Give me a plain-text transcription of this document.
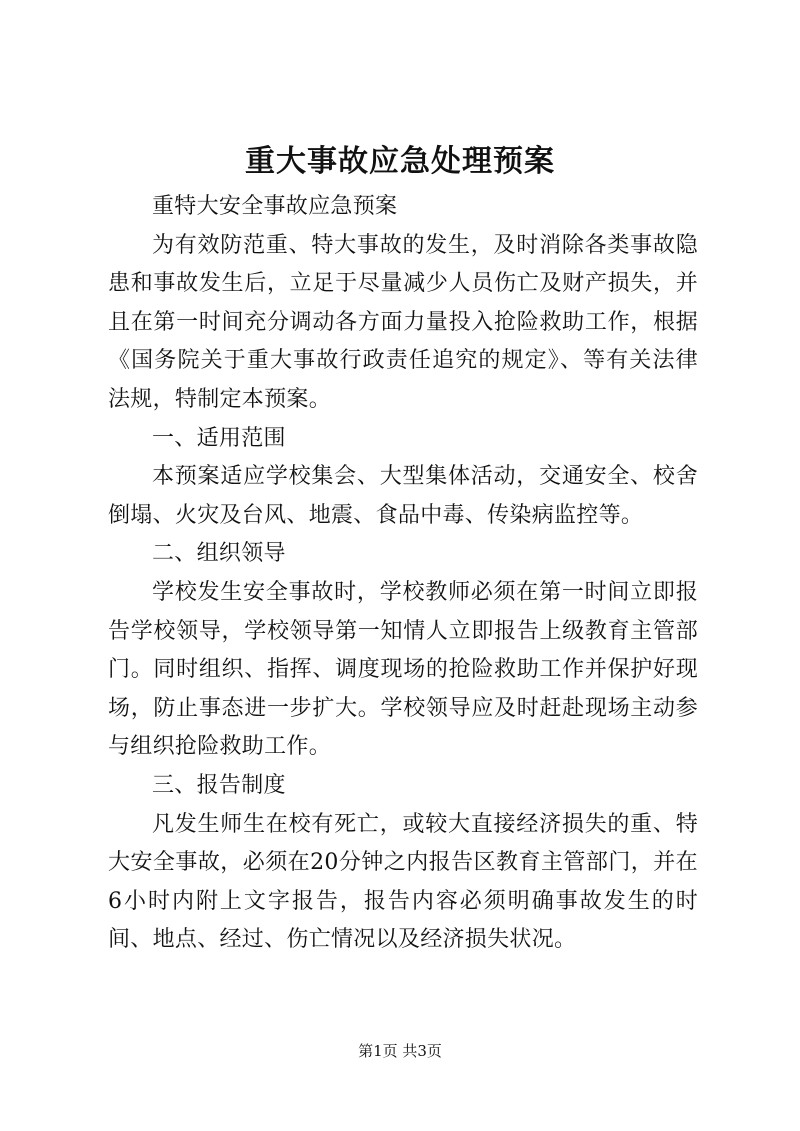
重大事故应急处理预案

重特大安全事故应急预案

为有效防范重、特大事故的发生，及时消除各类事故隐患和事故发生后，立足于尽量减少人员伤亡及财产损失，并且在第一时间充分调动各方面力量投入抢险救助工作，根据《国务院关于重大事故行政责任追究的规定》、等有关法律法规，特制定本预案。

一、适用范围

本预案适应学校集会、大型集体活动，交通安全、校舍倒塌、火灾及台风、地震、食品中毒、传染病监控等。

二、组织领导

学校发生安全事故时，学校教师必须在第一时间立即报告学校领导，学校领导第一知情人立即报告上级教育主管部门。同时组织、指挥、调度现场的抢险救助工作并保护好现场，防止事态进一步扩大。学校领导应及时赶赴现场主动参与组织抢险救助工作。

三、报告制度

凡发生师生在校有死亡，或较大直接经济损失的重、特大安全事故，必须在20分钟之内报告区教育主管部门，并在6小时内附上文字报告，报告内容必须明确事故发生的时间、地点、经过、伤亡情况以及经济损失状况。

第1页 共3页
